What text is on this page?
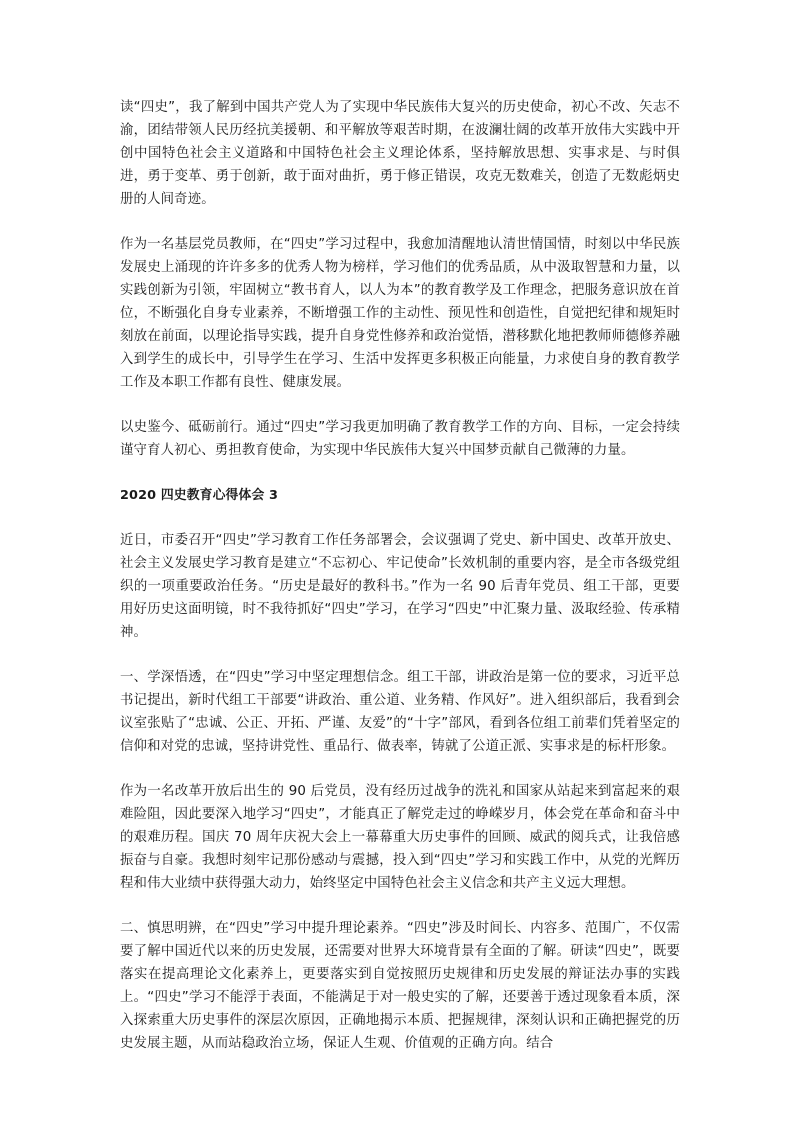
读“四史”，我了解到中国共产党人为了实现中华民族伟大复兴的历史使命，初心不改、矢志不渝，团结带领人民历经抗美援朝、和平解放等艰苦时期，在波澜壮阔的改革开放伟大实践中开创中国特色社会主义道路和中国特色社会主义理论体系，坚持解放思想、实事求是、与时俱进，勇于变革、勇于创新，敢于面对曲折，勇于修正错误，攻克无数难关，创造了无数彪炳史册的人间奇迹。

作为一名基层党员教师，在“四史”学习过程中，我愈加清醒地认清世情国情，时刻以中华民族发展史上涌现的许许多多的优秀人物为榜样，学习他们的优秀品质，从中汲取智慧和力量，以实践创新为引领，牢固树立“教书育人，以人为本”的教育教学及工作理念，把服务意识放在首位，不断强化自身专业素养，不断增强工作的主动性、预见性和创造性，自觉把纪律和规矩时刻放在前面，以理论指导实践，提升自身党性修养和政治觉悟，潜移默化地把教师师德修养融入到学生的成长中，引导学生在学习、生活中发挥更多积极正向能量，力求使自身的教育教学工作及本职工作都有良性、健康发展。

以史鉴今、砥砺前行。通过“四史”学习我更加明确了教育教学工作的方向、目标，一定会持续谨守育人初心、勇担教育使命，为实现中华民族伟大复兴中国梦贡献自己微薄的力量。

2020 四史教育心得体会 3

近日，市委召开“四史”学习教育工作任务部署会，会议强调了党史、新中国史、改革开放史、社会主义发展史学习教育是建立“不忘初心、牢记使命”长效机制的重要内容，是全市各级党组织的一项重要政治任务。“历史是最好的教科书。”作为一名 90 后青年党员、组工干部，更要用好历史这面明镜，时不我待抓好“四史”学习，在学习“四史”中汇聚力量、汲取经验、传承精神。

一、学深悟透，在“四史”学习中坚定理想信念。组工干部，讲政治是第一位的要求，习近平总书记提出，新时代组工干部要“讲政治、重公道、业务精、作风好”。进入组织部后，我看到会议室张贴了“忠诚、公正、开拓、严谨、友爱”的“十字”部风，看到各位组工前辈们凭着坚定的信仰和对党的忠诚，坚持讲党性、重品行、做表率，铸就了公道正派、实事求是的标杆形象。

作为一名改革开放后出生的 90 后党员，没有经历过战争的洗礼和国家从站起来到富起来的艰难险阻，因此要深入地学习“四史”，才能真正了解党走过的峥嵘岁月，体会党在革命和奋斗中的艰难历程。国庆 70 周年庆祝大会上一幕幕重大历史事件的回顾、威武的阅兵式，让我倍感振奋与自豪。我想时刻牢记那份感动与震撼，投入到“四史”学习和实践工作中，从党的光辉历程和伟大业绩中获得强大动力，始终坚定中国特色社会主义信念和共产主义远大理想。

二、慎思明辨，在“四史”学习中提升理论素养。“四史”涉及时间长、内容多、范围广，不仅需要了解中国近代以来的历史发展，还需要对世界大环境背景有全面的了解。研读“四史”，既要落实在提高理论文化素养上，更要落实到自觉按照历史规律和历史发展的辩证法办事的实践上。“四史”学习不能浮于表面，不能满足于对一般史实的了解，还要善于透过现象看本质，深入探索重大历史事件的深层次原因，正确地揭示本质、把握规律，深刻认识和正确把握党的历史发展主题，从而站稳政治立场，保证人生观、价值观的正确方向。结合
